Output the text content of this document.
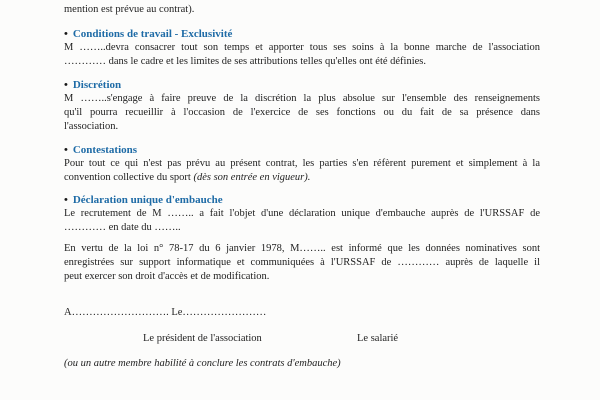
mention est prévue au contrat).
• Conditions de travail - Exclusivité
M ……..devra consacrer tout son temps et apporter tous ses soins à la bonne marche de l'association
………… dans le cadre et les limites de ses attributions telles qu'elles ont été définies.
• Discrétion
M ……..s'engage à faire preuve de la discrétion la plus absolue sur l'ensemble des renseignements
qu'il pourra recueillir à l'occasion de l'exercice de ses fonctions ou du fait de sa présence dans
l'association.
• Contestations
Pour tout ce qui n'est pas prévu au présent contrat, les parties s'en réfèrent purement et simplement à la
convention collective du sport (dès son entrée en vigueur).
• Déclaration unique d'embauche
Le recrutement de M …….. a fait l'objet d'une déclaration unique d'embauche auprès de l'URSSAF de
………… en date du ……..
En vertu de la loi n° 78-17 du 6 janvier 1978, M…….. est informé que les données nominatives sont
enregistrées sur support informatique et communiquées à l'URSSAF de ………… auprès de laquelle il
peut exercer son droit d'accès et de modification.
A………………………. Le……………………
Le président de l'association	Le salarié
(ou un autre membre habilité à conclure les contrats d'embauche)
